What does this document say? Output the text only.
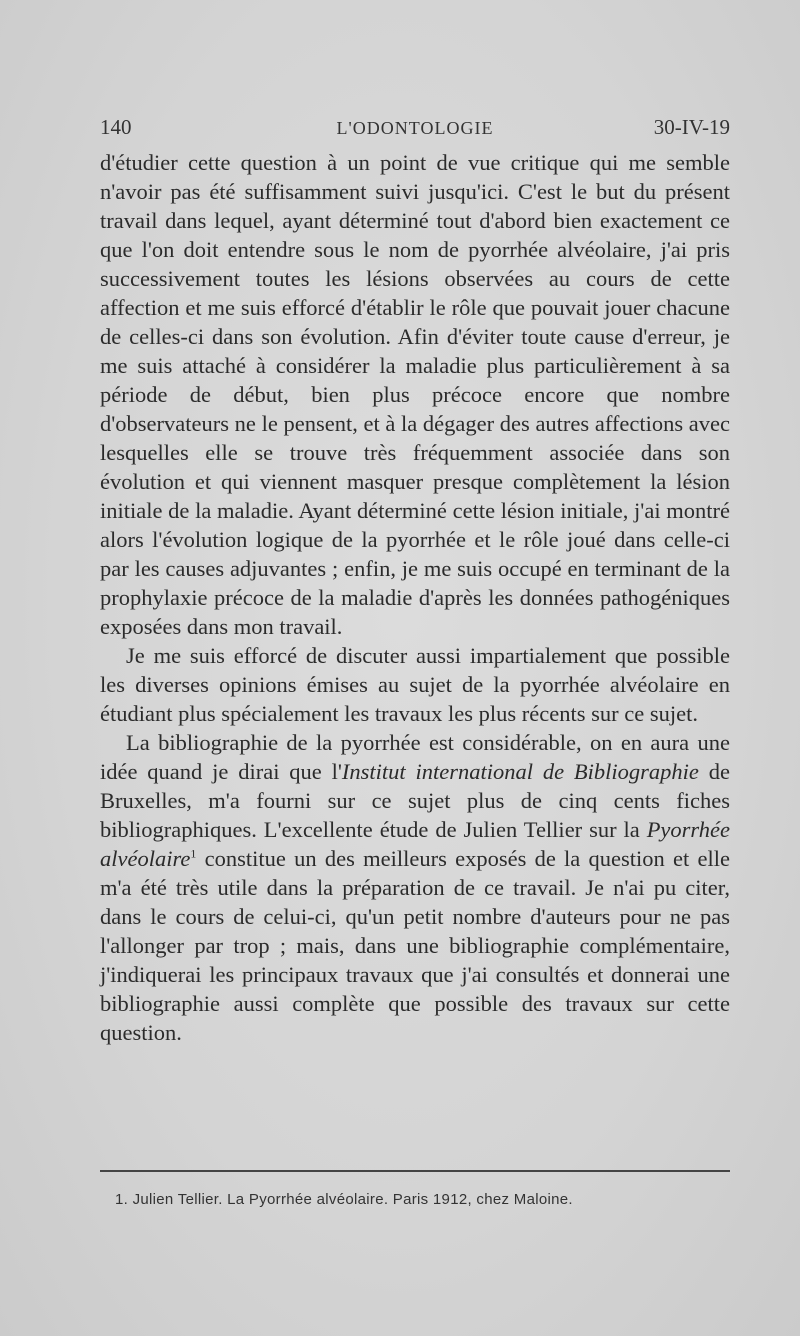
140	L'ODONTOLOGIE	30-IV-19

d'étudier cette question à un point de vue critique qui me semble n'avoir pas été suffisamment suivi jusqu'ici. C'est le but du présent travail dans lequel, ayant déterminé tout d'abord bien exactement ce que l'on doit entendre sous le nom de pyorrhée alvéolaire, j'ai pris successivement toutes les lésions observées au cours de cette affection et me suis efforcé d'établir le rôle que pouvait jouer chacune de celles-ci dans son évolution. Afin d'éviter toute cause d'erreur, je me suis attaché à considérer la maladie plus particulièrement à sa période de début, bien plus précoce encore que nombre d'observateurs ne le pensent, et à la dégager des autres affections avec lesquelles elle se trouve très fréquemment associée dans son évolution et qui viennent masquer presque complètement la lésion initiale de la maladie. Ayant déterminé cette lésion initiale, j'ai montré alors l'évolution logique de la pyorrhée et le rôle joué dans celle-ci par les causes adjuvantes ; enfin, je me suis occupé en terminant de la prophylaxie précoce de la maladie d'après les données pathogéniques exposées dans mon travail.

Je me suis efforcé de discuter aussi impartialement que possible les diverses opinions émises au sujet de la pyorrhée alvéolaire en étudiant plus spécialement les travaux les plus récents sur ce sujet.

La bibliographie de la pyorrhée est considérable, on en aura une idée quand je dirai que l'Institut international de Bibliographie de Bruxelles, m'a fourni sur ce sujet plus de cinq cents fiches bibliographiques. L'excellente étude de Julien Tellier sur la Pyorrhée alvéolaire$^1$ constitue un des meilleurs exposés de la question et elle m'a été très utile dans la préparation de ce travail. Je n'ai pu citer, dans le cours de celui-ci, qu'un petit nombre d'auteurs pour ne pas l'allonger par trop ; mais, dans une bibliographie complémentaire, j'indiquerai les principaux travaux que j'ai consultés et donnerai une bibliographie aussi complète que possible des travaux sur cette question.

1. Julien Tellier. La Pyorrhée alvéolaire. Paris 1912, chez Maloine.
